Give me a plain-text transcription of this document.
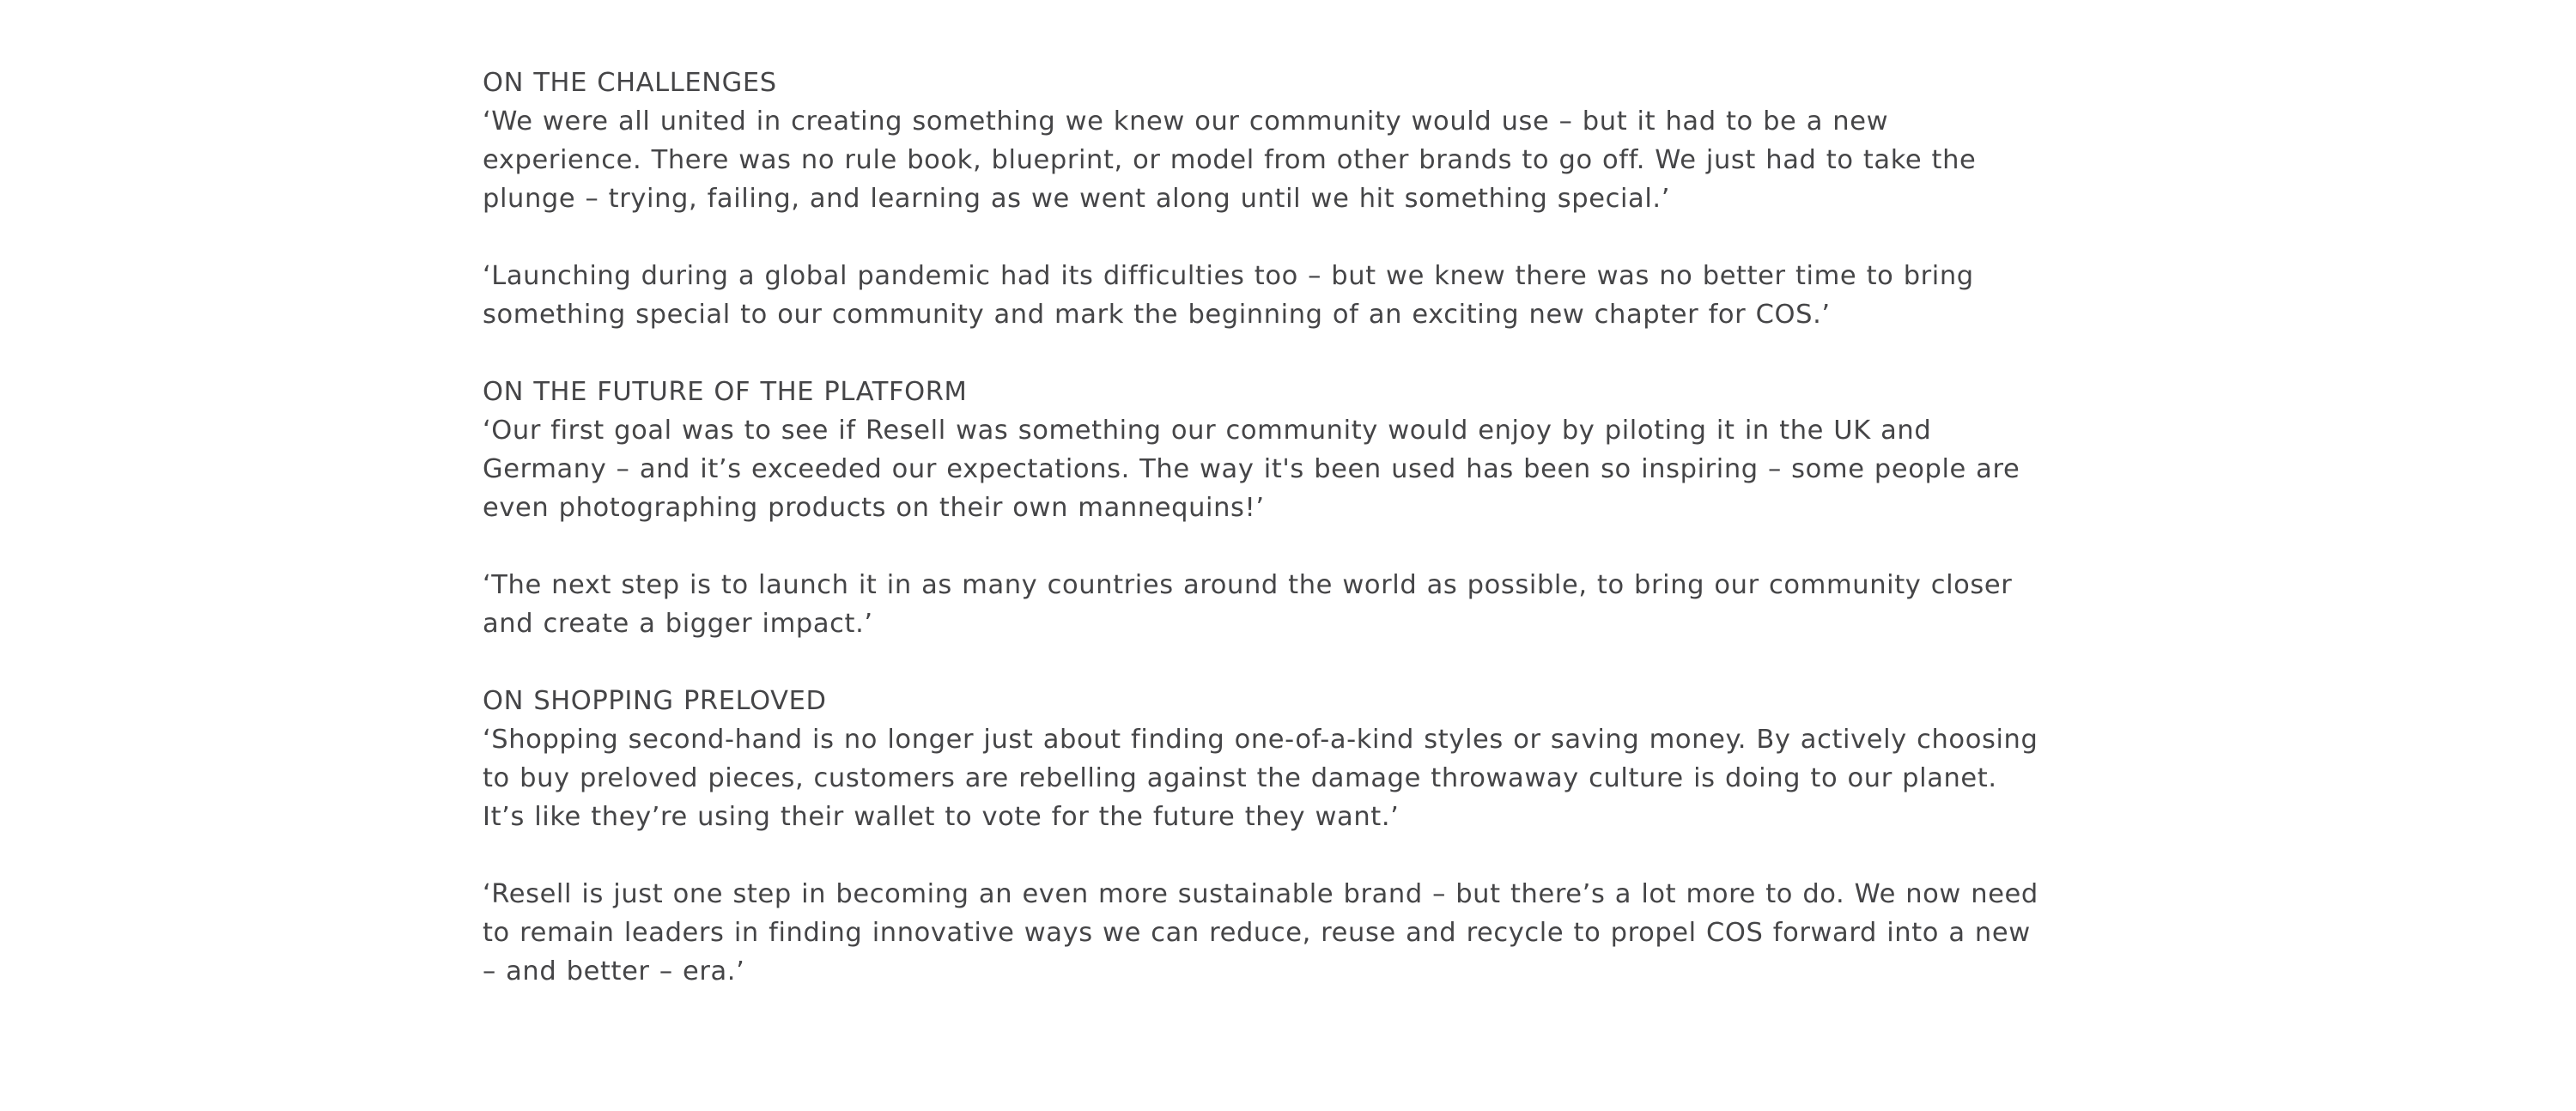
ON THE CHALLENGES

‘We were all united in creating something we knew our community would use – but it had to be a new experience. There was no rule book, blueprint, or model from other brands to go off. We just had to take the plunge – trying, failing, and learning as we went along until we hit something special.’

‘Launching during a global pandemic had its difficulties too – but we knew there was no better time to bring something special to our community and mark the beginning of an exciting new chapter for COS.’

ON THE FUTURE OF THE PLATFORM

‘Our first goal was to see if Resell was something our community would enjoy by piloting it in the UK and Germany – and it’s exceeded our expectations. The way it's been used has been so inspiring – some people are even photographing products on their own mannequins!’

‘The next step is to launch it in as many countries around the world as possible, to bring our community closer and create a bigger impact.’

ON SHOPPING PRELOVED

‘Shopping second-hand is no longer just about finding one-of-a-kind styles or saving money. By actively choosing to buy preloved pieces, customers are rebelling against the damage throwaway culture is doing to our planet. It’s like they’re using their wallet to vote for the future they want.’

‘Resell is just one step in becoming an even more sustainable brand – but there’s a lot more to do. We now need to remain leaders in finding innovative ways we can reduce, reuse and recycle to propel COS forward into a new – and better – era.’
